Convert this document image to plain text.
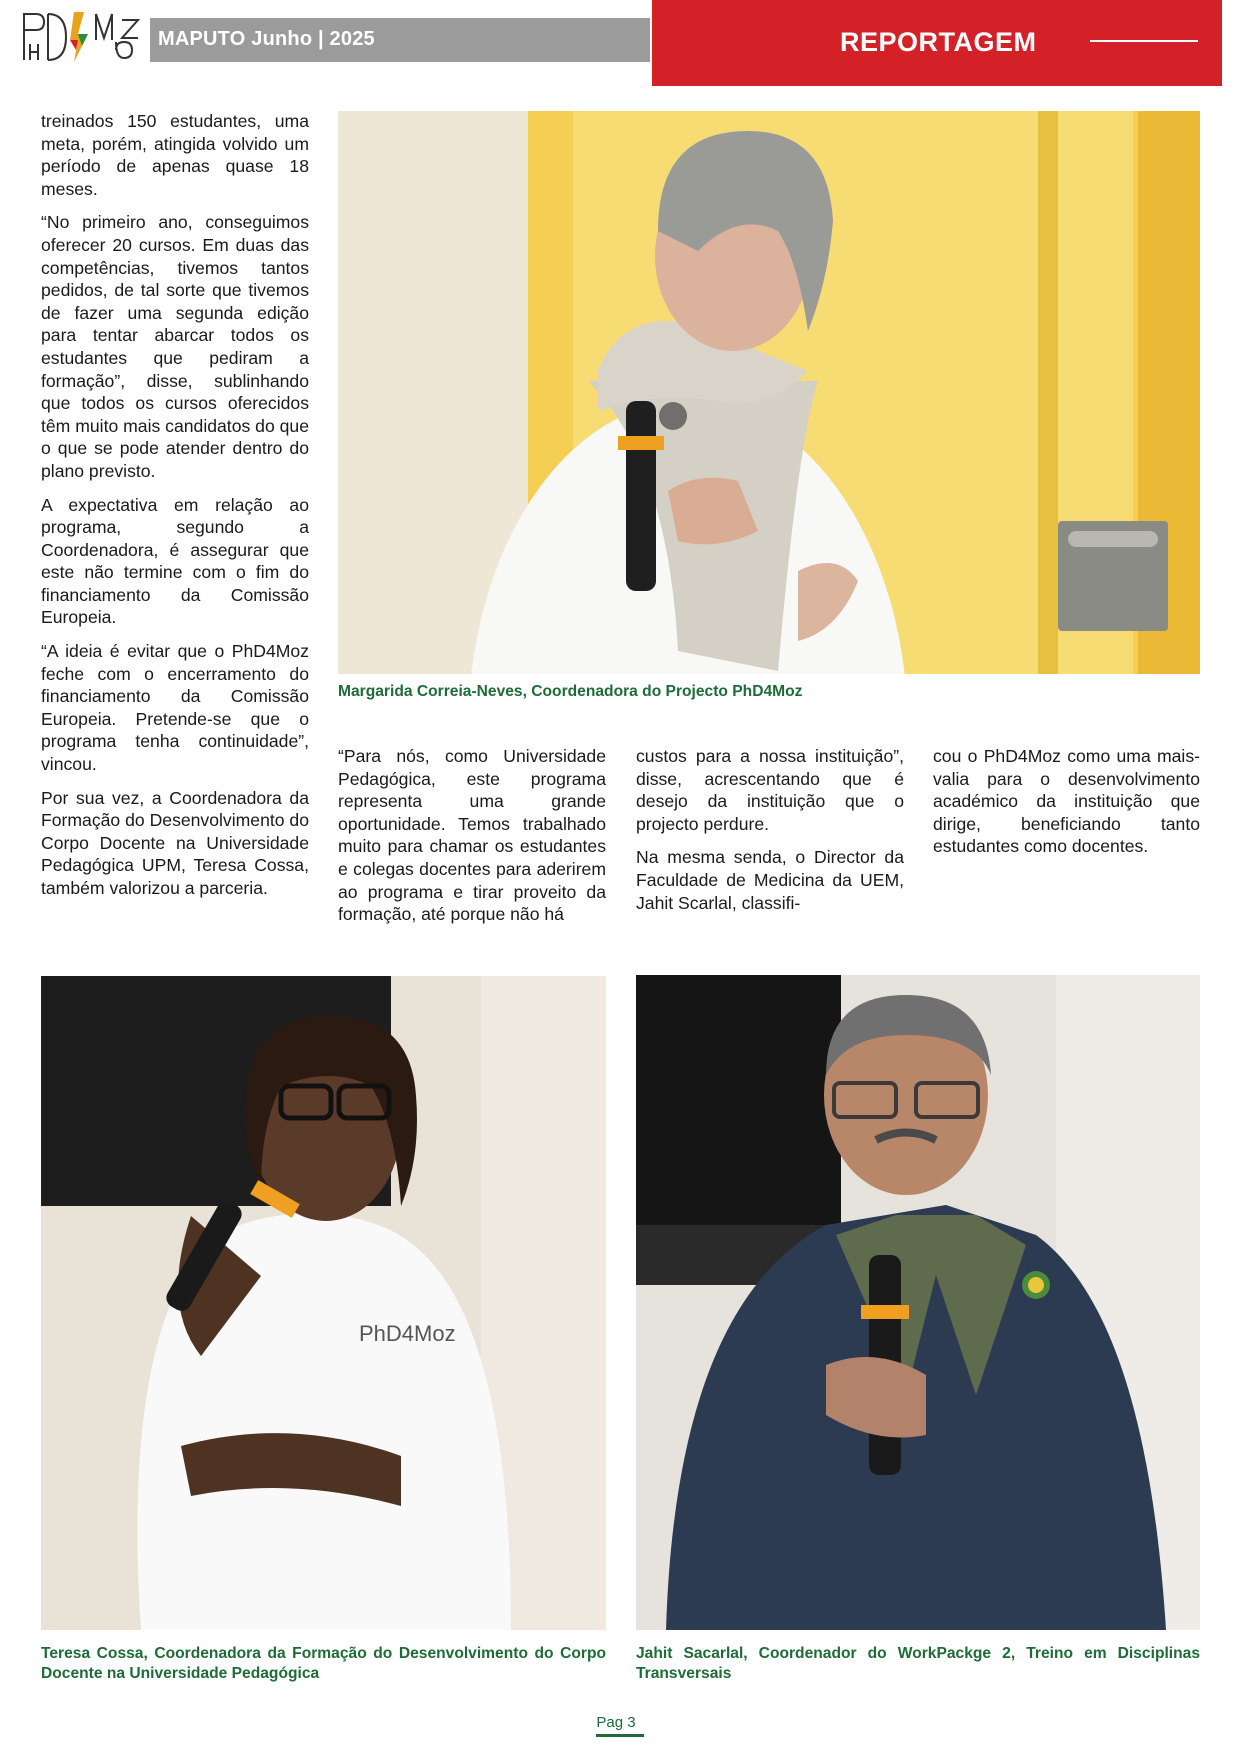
MAPUTO Junho | 2025	REPORTAGEM

treinados 150 estudantes, uma meta, porém, atingida volvido um período de apenas quase 18 meses.

“No primeiro ano, conseguimos oferecer 20 cursos. Em duas das competências, tivemos tantos pedidos, de tal sorte que tivemos de fazer uma segunda edição para tentar abarcar todos os estudantes que pediram a formação”, disse, sublinhando que todos os cursos oferecidos têm muito mais candidatos do que o que se pode atender dentro do plano previsto.

A expectativa em relação ao programa, segundo a Coordenadora, é assegurar que este não termine com o fim do financiamento da Comissão Europeia.

“A ideia é evitar que o PhD4Moz feche com o encerramento do financiamento da Comissão Europeia. Pretende-se que o programa tenha continuidade”, vincou.

Por sua vez, a Coordenadora da Formação do Desenvolvimento do Corpo Docente na Universidade Pedagógica UPM, Teresa Cossa, também valorizou a parceria.

Margarida Correia-Neves, Coordenadora do Projecto PhD4Moz

“Para nós, como Universidade Pedagógica, este programa representa uma grande oportunidade. Temos trabalhado muito para chamar os estudantes e colegas docentes para aderirem ao programa e tirar proveito da formação, até porque não há

custos para a nossa instituição”, disse, acrescentando que é desejo da instituição que o projecto perdure.

Na mesma senda, o Director da Faculdade de Medicina da UEM, Jahit Scarlal, classifi-

cou o PhD4Moz como uma mais-valia para o desenvolvimento académico da instituição que dirige, beneficiando tanto estudantes como docentes.

PhD4Moz
Teresa Cossa, Coordenadora da Formação do Desenvolvimento do Corpo Docente na Universidade Pedagógica
Jahit Sacarlal, Coordenador do WorkPackge 2, Treino em Disciplinas Transversais
Pag 3
